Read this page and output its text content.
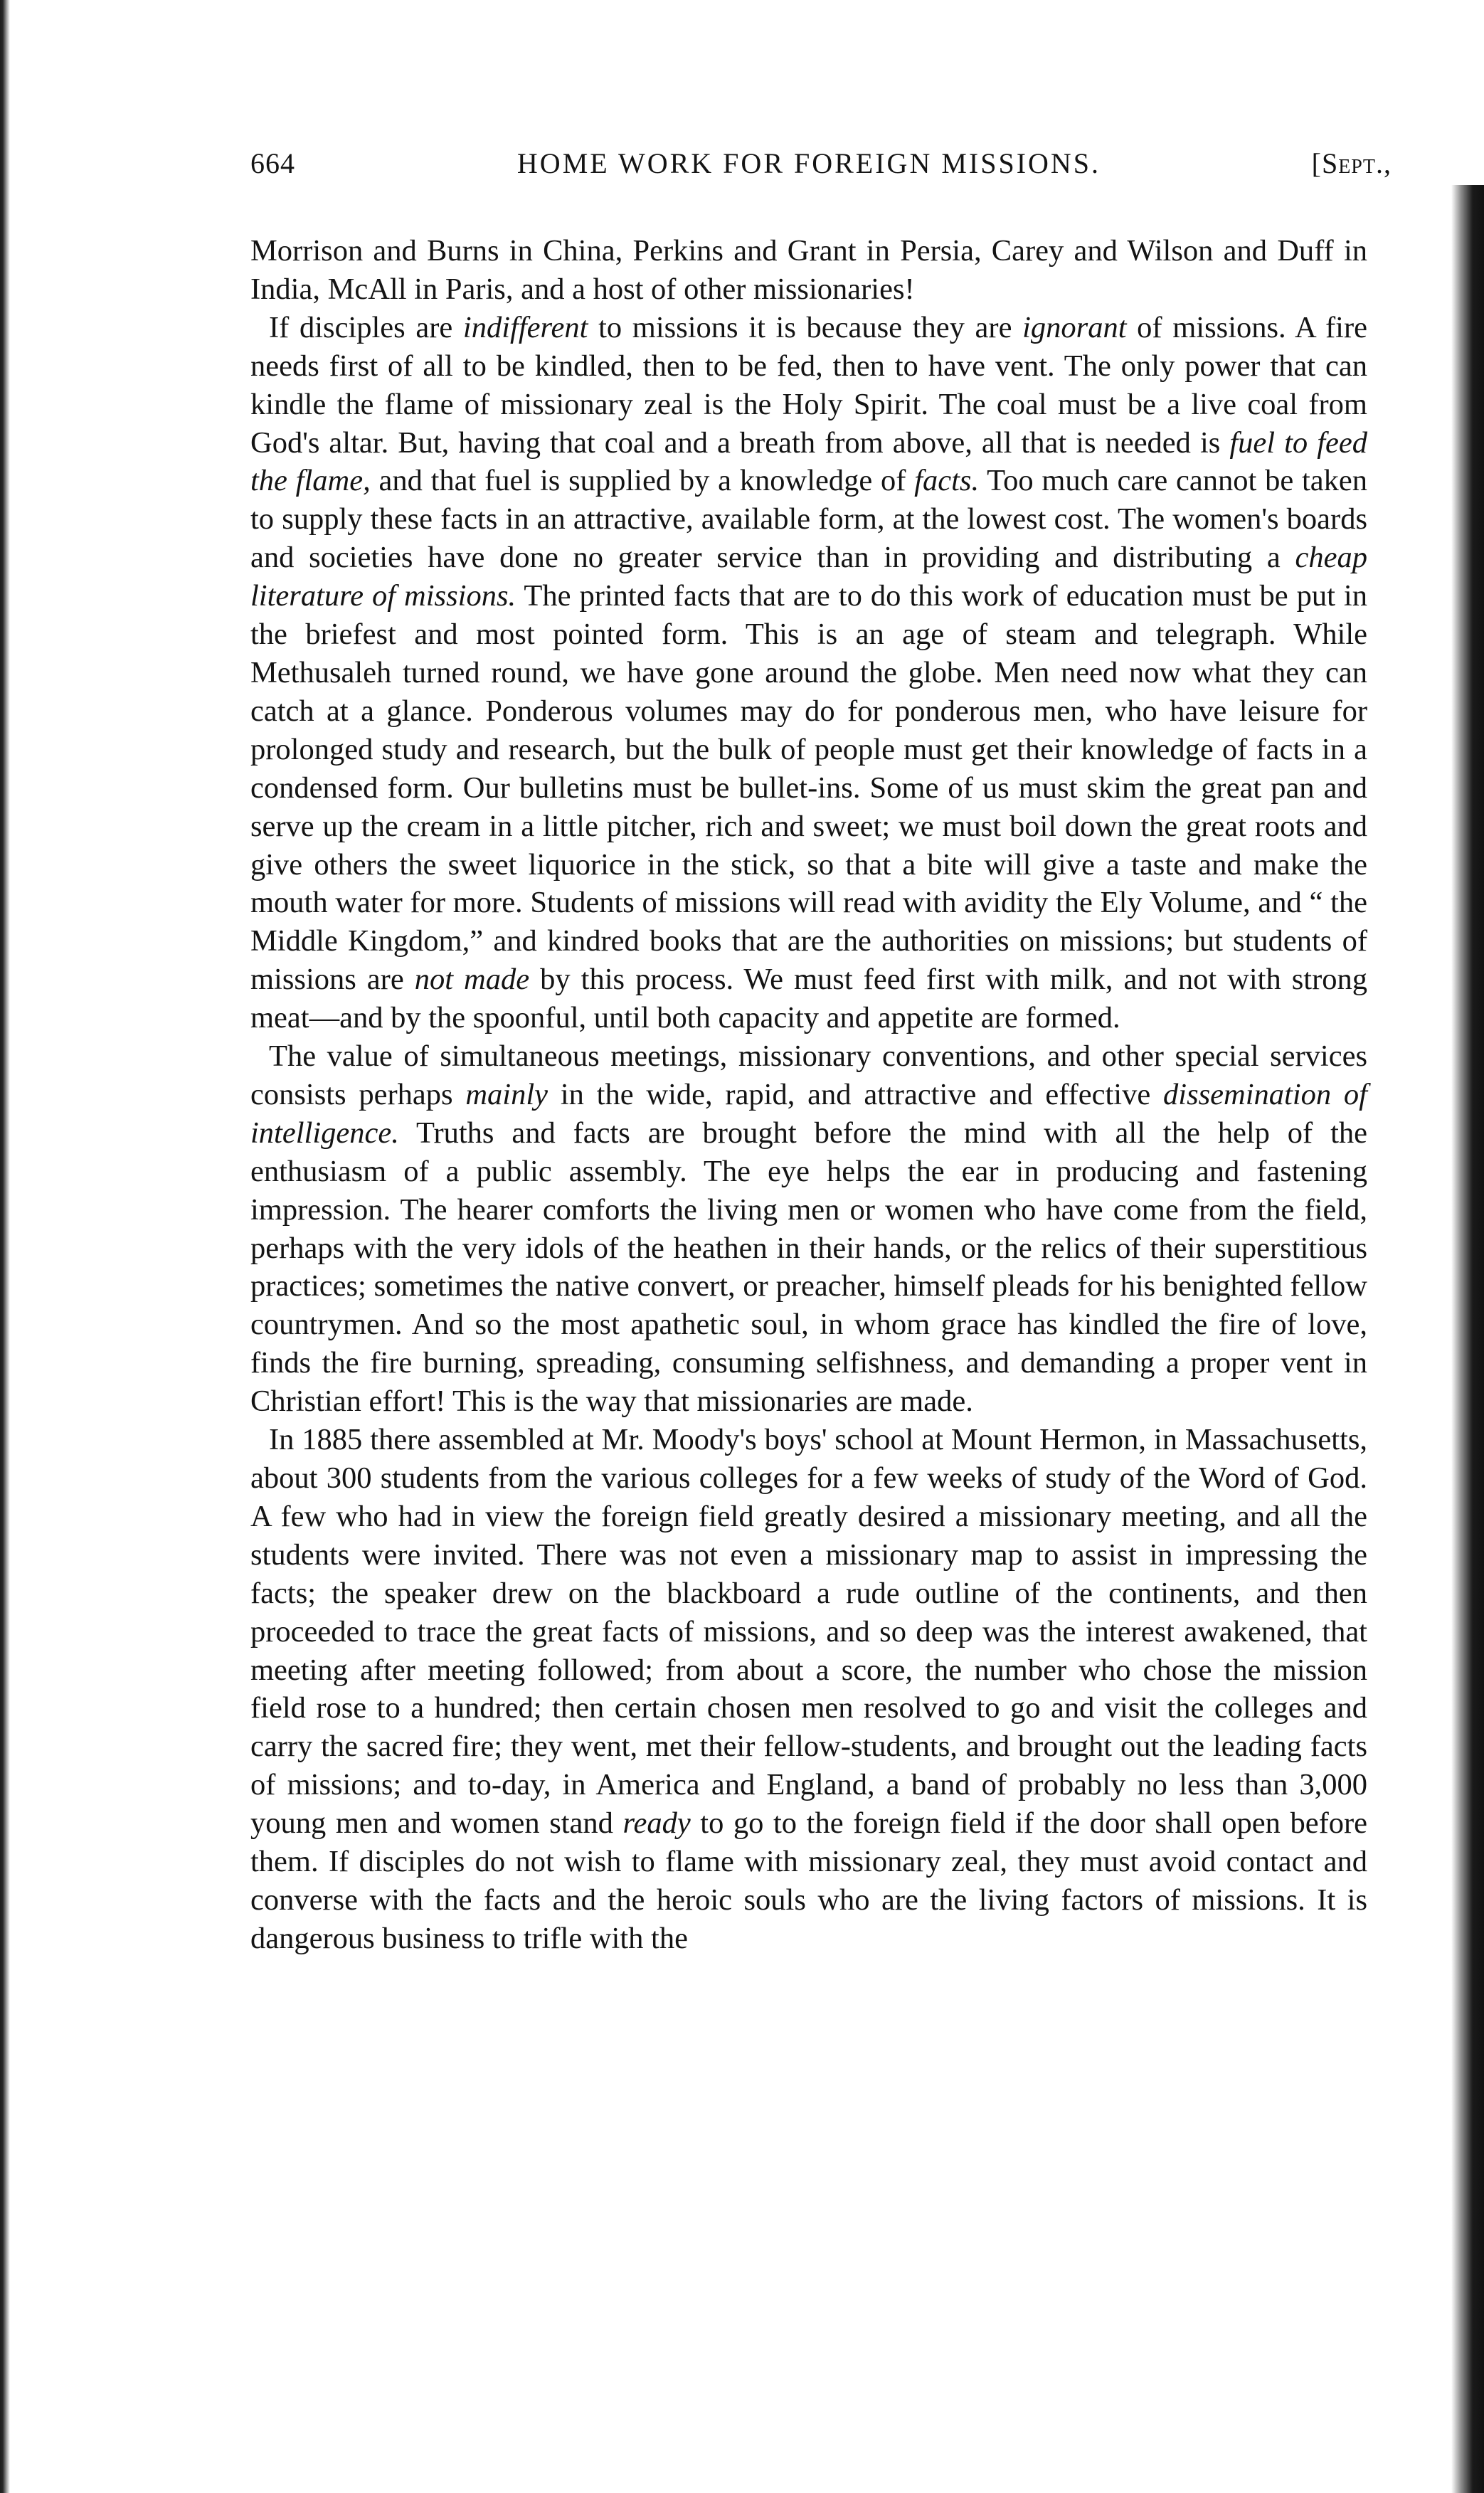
664	HOME WORK FOR FOREIGN MISSIONS.	[Sept.,

Morrison and Burns in China, Perkins and Grant in Persia, Carey and Wilson and Duff in India, McAll in Paris, and a host of other missionaries!

If disciples are indifferent to missions it is because they are ignorant of missions. A fire needs first of all to be kindled, then to be fed, then to have vent. The only power that can kindle the flame of missionary zeal is the Holy Spirit. The coal must be a live coal from God's altar. But, having that coal and a breath from above, all that is needed is fuel to feed the flame, and that fuel is supplied by a knowledge of facts. Too much care cannot be taken to supply these facts in an attractive, available form, at the lowest cost. The women's boards and societies have done no greater service than in providing and distributing a cheap literature of missions. The printed facts that are to do this work of education must be put in the briefest and most pointed form. This is an age of steam and telegraph. While Methusaleh turned round, we have gone around the globe. Men need now what they can catch at a glance. Ponderous volumes may do for ponderous men, who have leisure for prolonged study and research, but the bulk of people must get their knowledge of facts in a condensed form. Our bulletins must be bullet-ins. Some of us must skim the great pan and serve up the cream in a little pitcher, rich and sweet; we must boil down the great roots and give others the sweet liquorice in the stick, so that a bite will give a taste and make the mouth water for more. Students of missions will read with avidity the Ely Volume, and “ the Middle Kingdom,” and kindred books that are the authorities on missions; but students of missions are not made by this process. We must feed first with milk, and not with strong meat—and by the spoonful, until both capacity and appetite are formed.

The value of simultaneous meetings, missionary conventions, and other special services consists perhaps mainly in the wide, rapid, and attractive and effective dissemination of intelligence. Truths and facts are brought before the mind with all the help of the enthusiasm of a public assembly. The eye helps the ear in producing and fastening impression. The hearer comforts the living men or women who have come from the field, perhaps with the very idols of the heathen in their hands, or the relics of their superstitious practices; sometimes the native convert, or preacher, himself pleads for his benighted fellow countrymen. And so the most apathetic soul, in whom grace has kindled the fire of love, finds the fire burning, spreading, consuming selfishness, and demanding a proper vent in Christian effort! This is the way that missionaries are made.

In 1885 there assembled at Mr. Moody's boys' school at Mount Hermon, in Massachusetts, about 300 students from the various colleges for a few weeks of study of the Word of God. A few who had in view the foreign field greatly desired a missionary meeting, and all the students were invited. There was not even a missionary map to assist in impressing the facts; the speaker drew on the blackboard a rude outline of the continents, and then proceeded to trace the great facts of missions, and so deep was the interest awakened, that meeting after meeting followed; from about a score, the number who chose the mission field rose to a hundred; then certain chosen men resolved to go and visit the colleges and carry the sacred fire; they went, met their fellow-students, and brought out the leading facts of missions; and to-day, in America and England, a band of probably no less than 3,000 young men and women stand ready to go to the foreign field if the door shall open before them. If disciples do not wish to flame with missionary zeal, they must avoid contact and converse with the facts and the heroic souls who are the living factors of missions. It is dangerous business to trifle with the
